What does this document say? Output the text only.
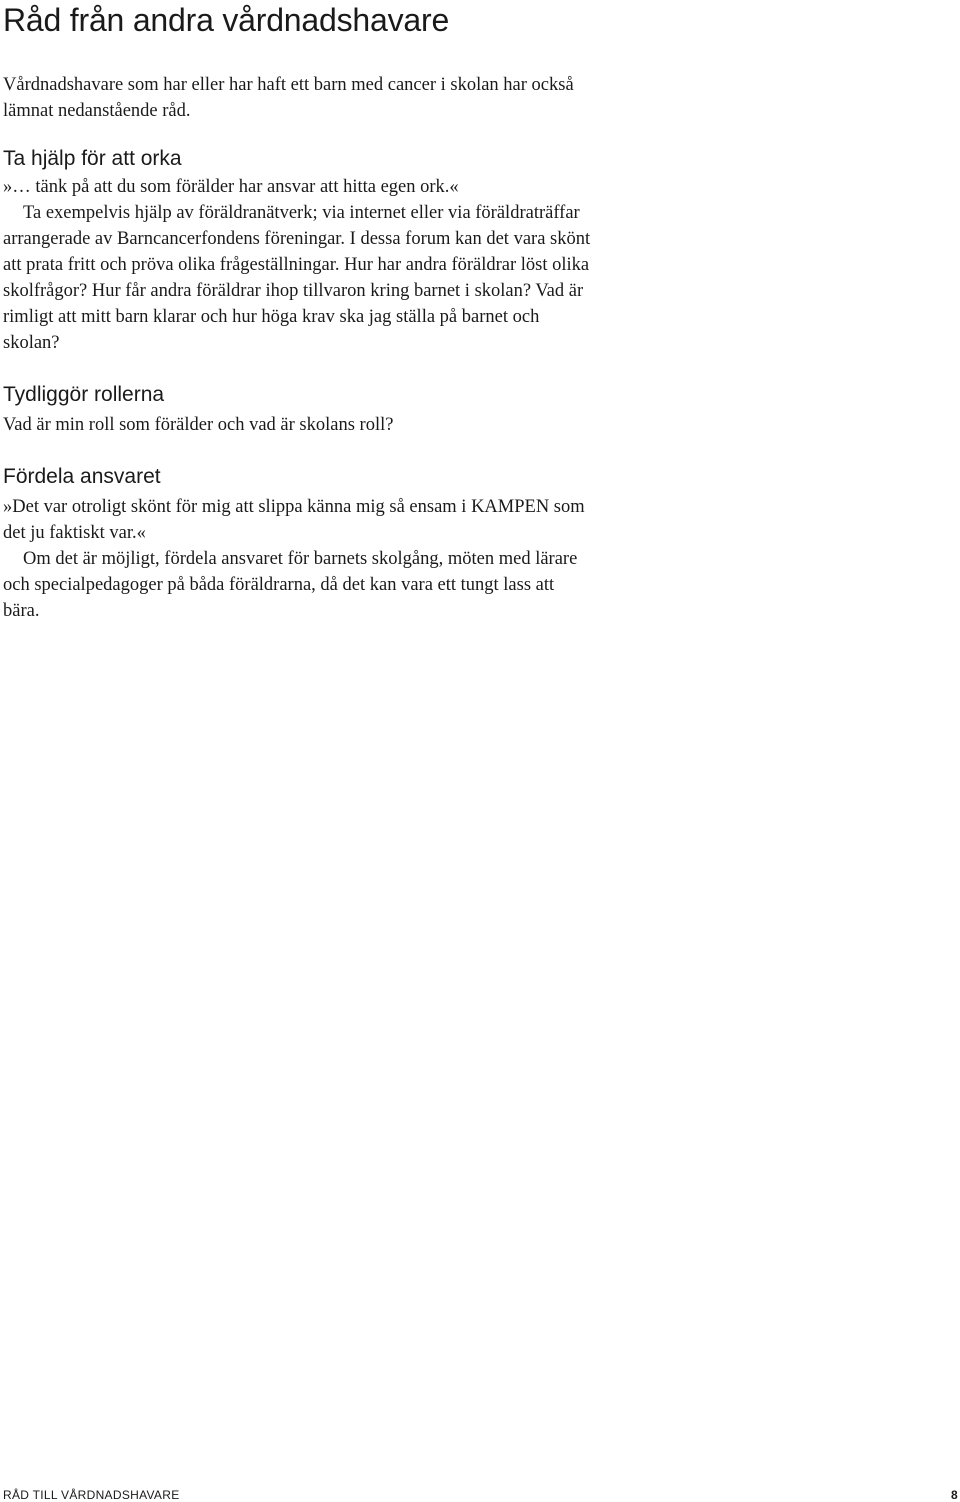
Råd från andra vårdnadshavare

Vårdnadshavare som har eller har haft ett barn med cancer i skolan har också lämnat nedanstående råd.

Ta hjälp för att orka

»… tänk på att du som förälder har ansvar att hitta egen ork.«

Ta exempelvis hjälp av föräldranätverk; via internet eller via föräldraträffar arrangerade av Barncancerfondens föreningar. I dessa forum kan det vara skönt att prata fritt och pröva olika frågeställningar. Hur har andra föräldrar löst olika skolfrågor? Hur får andra föräldrar ihop tillvaron kring barnet i skolan? Vad är rimligt att mitt barn klarar och hur höga krav ska jag ställa på barnet och skolan?

Tydliggör rollerna

Vad är min roll som förälder och vad är skolans roll?

Fördela ansvaret

»Det var otroligt skönt för mig att slippa känna mig så ensam i KAMPEN som det ju faktiskt var.«

Om det är möjligt, fördela ansvaret för barnets skolgång, möten med lärare och specialpedagoger på båda föräldrarna, då det kan vara ett tungt lass att bära.

RÅD TILL VÅRDNADSHAVARE	8
